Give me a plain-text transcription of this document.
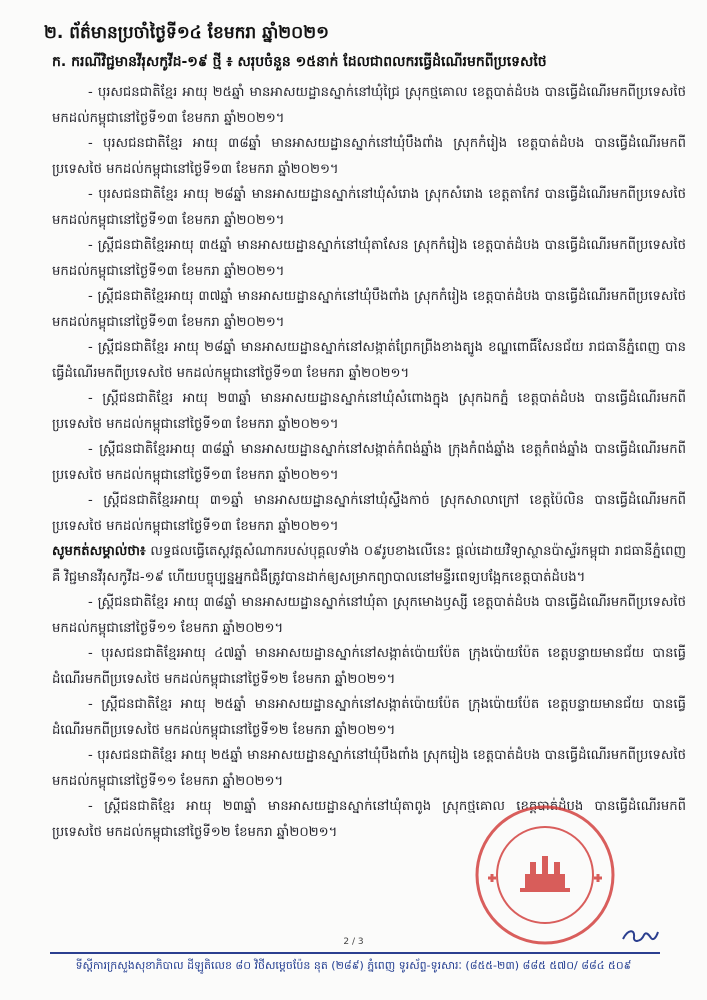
២. ព័ត៌មានប្រចាំថ្ងៃទី១៤ ខែមករា ឆ្នាំ២០២១
ក. ករណីវិជ្ជមានវីរុសកូវីដ-១៩ ថ្មី ៖ សរុបចំនួន ១៥នាក់ ដែលជាពលករធ្វើដំណើរមកពីប្រទេសថៃ

- បុរសជនជាតិខ្មែរ អាយុ ២៥ឆ្នាំ មានអាសយដ្ឋានស្នាក់នៅឃុំជ្រៃ ស្រុកថ្មគោល ខេត្តបាត់ដំបង បានធ្វើដំណើរមកពីប្រទេសថៃ មកដល់កម្ពុជានៅថ្ងៃទី១៣ ខែមករា ឆ្នាំ២០២១។

- បុរសជនជាតិខ្មែរ អាយុ ៣៨ឆ្នាំ មានអាសយដ្ឋានស្នាក់នៅឃុំបឹងពាំង ស្រុកកំរៀង ខេត្តបាត់ដំបង បានធ្វើដំណើរមកពីប្រទេសថៃ មកដល់កម្ពុជានៅថ្ងៃទី១៣ ខែមករា ឆ្នាំ២០២១។

- បុរសជនជាតិខ្មែរ អាយុ ២៨ឆ្នាំ មានអាសយដ្ឋានស្នាក់នៅឃុំសំរោង ស្រុកសំរោង ខេត្តតាកែវ បានធ្វើដំណើរមកពីប្រទេសថៃ មកដល់កម្ពុជានៅថ្ងៃទី១៣ ខែមករា ឆ្នាំ២០២១។

- ស្ត្រីជនជាតិខ្មែរអាយុ ៣៥ឆ្នាំ មានអាសយដ្ឋានស្នាក់នៅឃុំតាសែន ស្រុកកំរៀង ខេត្តបាត់ដំបង បានធ្វើដំណើរមកពីប្រទេសថៃ មកដល់កម្ពុជានៅថ្ងៃទី១៣ ខែមករា ឆ្នាំ២០២១។

- ស្ត្រីជនជាតិខ្មែរអាយុ ៣៧ឆ្នាំ មានអាសយដ្ឋានស្នាក់នៅឃុំបឹងពាំង ស្រុកកំរៀង ខេត្តបាត់ដំបង បានធ្វើដំណើរមកពីប្រទេសថៃ មកដល់កម្ពុជានៅថ្ងៃទី១៣ ខែមករា ឆ្នាំ២០២១។

- ស្ត្រីជនជាតិខ្មែរ អាយុ ២៨ឆ្នាំ មានអាសយដ្ឋានស្នាក់នៅសង្កាត់ព្រែកព្រីងខាងត្បូង ខណ្ឌពោធិ៍សែនជ័យ រាជធានីភ្នំពេញ បានធ្វើដំណើរមកពីប្រទេសថៃ មកដល់កម្ពុជានៅថ្ងៃទី១៣ ខែមករា ឆ្នាំ២០២១។

- ស្ត្រីជនជាតិខ្មែរ អាយុ ២៣ឆ្នាំ មានអាសយដ្ឋានស្នាក់នៅឃុំសំពោងក្នុង ស្រុកឯកភ្នំ ខេត្តបាត់ដំបង បានធ្វើដំណើរមកពីប្រទេសថៃ មកដល់កម្ពុជានៅថ្ងៃទី១៣ ខែមករា ឆ្នាំ២០២១។

- ស្ត្រីជនជាតិខ្មែរអាយុ ៣៨ឆ្នាំ មានអាសយដ្ឋានស្នាក់នៅសង្កាត់កំពង់ឆ្នាំង ក្រុងកំពង់ឆ្នាំង ខេត្តកំពង់ឆ្នាំង បានធ្វើដំណើរមកពីប្រទេសថៃ មកដល់កម្ពុជានៅថ្ងៃទី១៣ ខែមករា ឆ្នាំ២០២១។

- ស្ត្រីជនជាតិខ្មែរអាយុ ៣១ឆ្នាំ មានអាសយដ្ឋានស្នាក់នៅឃុំស្ទឹងកាច់ ស្រុកសាលាក្រៅ ខេត្តប៉ៃលិន បានធ្វើដំណើរមកពីប្រទេសថៃ មកដល់កម្ពុជានៅថ្ងៃទី១៣ ខែមករា ឆ្នាំ២០២១។

សូមកត់សម្គាល់ថា៖ លទ្ធផលធ្វើតេស្តវត្តសំណាករបស់បុគ្គលទាំង ០៩រូបខាងលើនេះ ផ្តល់ដោយវិទ្យាស្ថានប៉ាស្ទ័រកម្ពុជា រាជធានីភ្នំពេញ គឺ វិជ្ជមានវីរុសកូវីដ-១៩ ហើយបច្ចុប្បន្នអ្នកជំងឺត្រូវបានដាក់ឲ្យសម្រាកព្យាបាលនៅមន្ទីរពេទ្យបង្អែកខេត្តបាត់ដំបង។

- ស្ត្រីជនជាតិខ្មែរ អាយុ ៣៨ឆ្នាំ មានអាសយដ្ឋានស្នាក់នៅឃុំតា ស្រុកមោងឫស្សី ខេត្តបាត់ដំបង បានធ្វើដំណើរមកពីប្រទេសថៃ មកដល់កម្ពុជានៅថ្ងៃទី១១ ខែមករា ឆ្នាំ២០២១។

- បុរសជនជាតិខ្មែរអាយុ ៤៧ឆ្នាំ មានអាសយដ្ឋានស្នាក់នៅសង្កាត់ប៉ោយប៉ែត ក្រុងប៉ោយប៉ែត ខេត្តបន្ទាយមានជ័យ បានធ្វើដំណើរមកពីប្រទេសថៃ មកដល់កម្ពុជានៅថ្ងៃទី១២ ខែមករា ឆ្នាំ២០២១។

- ស្ត្រីជនជាតិខ្មែរ អាយុ ២៥ឆ្នាំ មានអាសយដ្ឋានស្នាក់នៅសង្កាត់ប៉ោយប៉ែត ក្រុងប៉ោយប៉ែត ខេត្តបន្ទាយមានជ័យ បានធ្វើដំណើរមកពីប្រទេសថៃ មកដល់កម្ពុជានៅថ្ងៃទី១២ ខែមករា ឆ្នាំ២០២១។

- បុរសជនជាតិខ្មែរ អាយុ ២៥ឆ្នាំ មានអាសយដ្ឋានស្នាក់នៅឃុំបឹងពាំង ស្រុករៀង ខេត្តបាត់ដំបង បានធ្វើដំណើរមកពីប្រទេសថៃ មកដល់កម្ពុជានៅថ្ងៃទី១១ ខែមករា ឆ្នាំ២០២១។

- ស្ត្រីជនជាតិខ្មែរ អាយុ ២៣ឆ្នាំ មានអាសយដ្ឋានស្នាក់នៅឃុំតាពូង ស្រុកថ្មគោល ខេត្តបាត់ដំបង បានធ្វើដំណើរមកពីប្រទេសថៃ មកដល់កម្ពុជានៅថ្ងៃទី១២ ខែមករា ឆ្នាំ២០២១។

2 / 3
ទីស្តីការក្រសួងសុខាភិបាល ដីឡូតិលេខ ៨០ វិថីសម្តេចប៉ែន នុត (២៨៩) ភ្នំពេញ ទូរស័ព្ទ-ទូរសារៈ (៨៥៥-២៣) ៨៨៥ ៥៧០/ ៨៨៤ ៥០៩
